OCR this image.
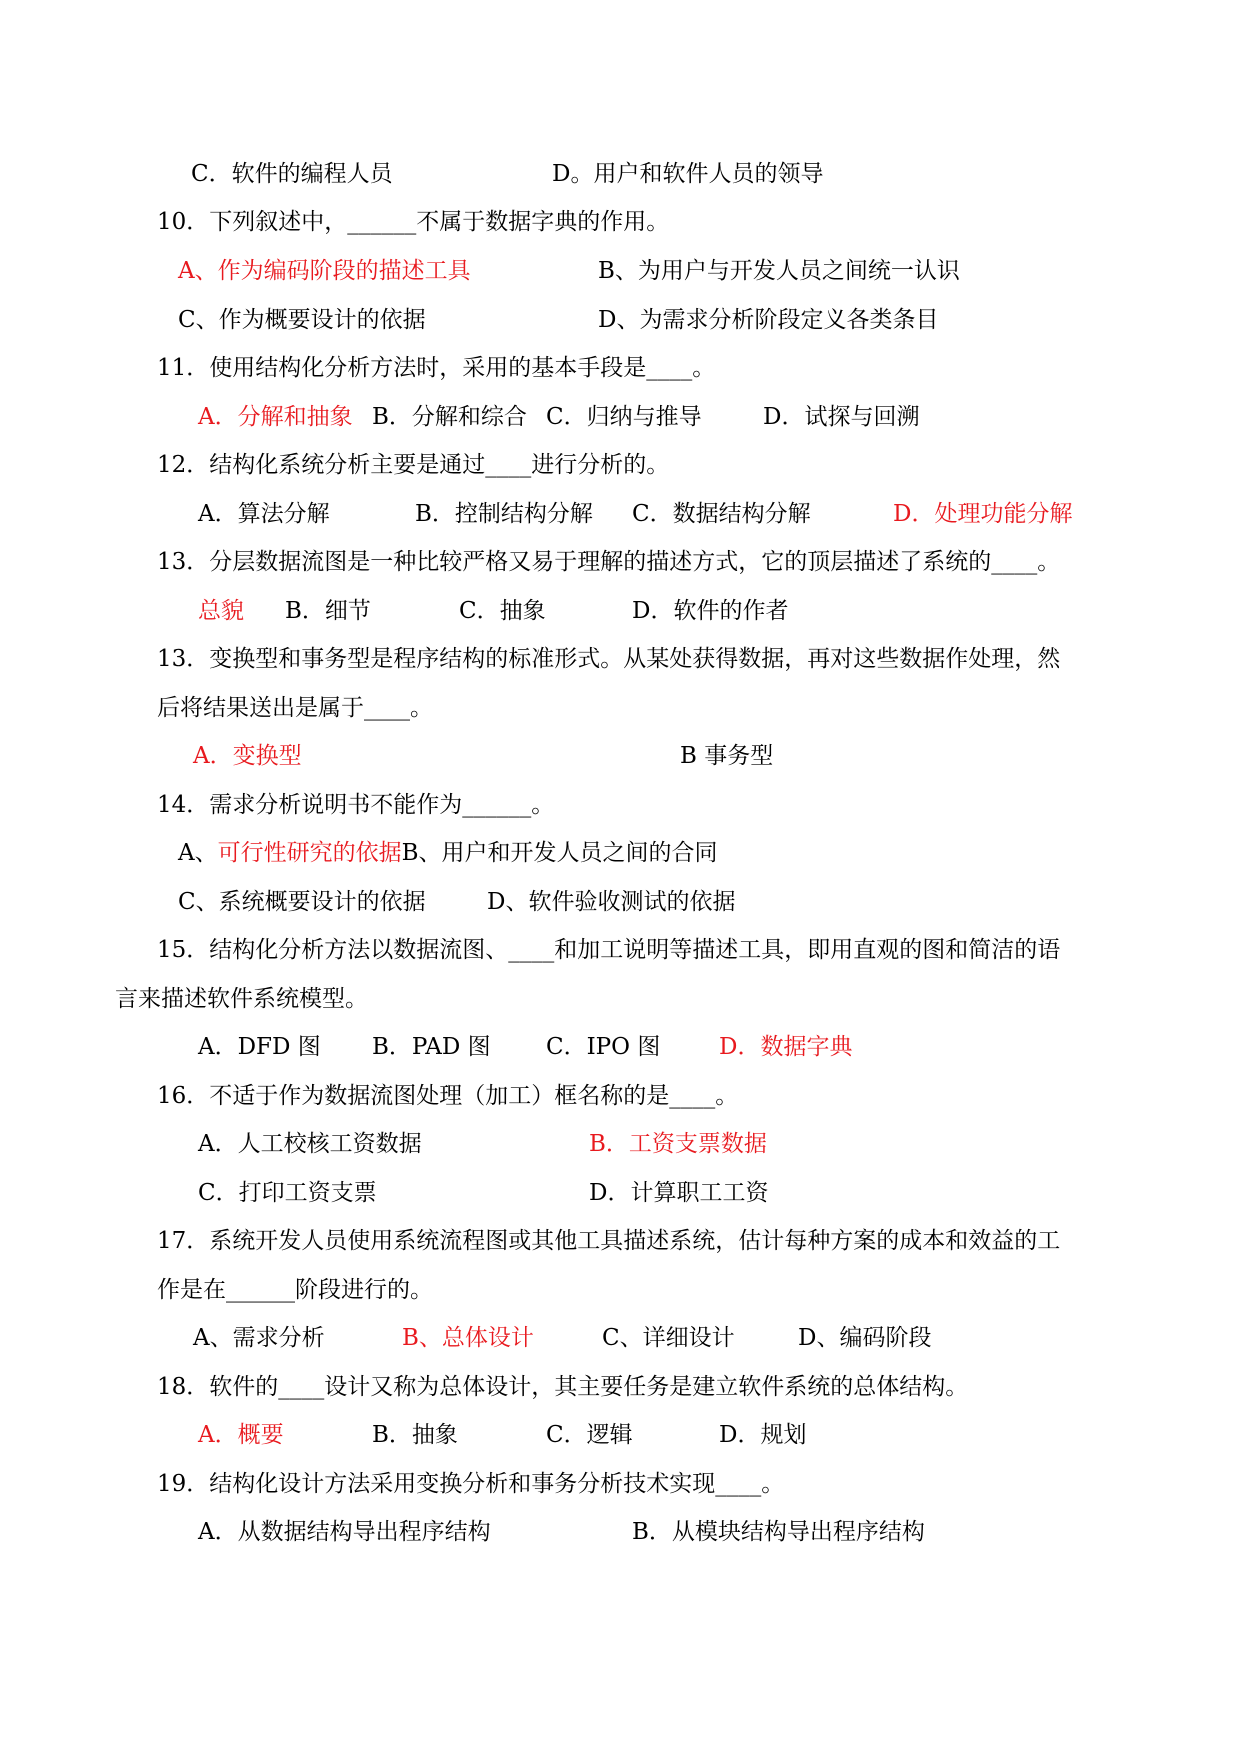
C．软件的编程人员	D。用户和软件人员的领导
10．下列叙述中，______不属于数据字典的作用。
A、作为编码阶段的描述工具	B、为用户与开发人员之间统一认识
C、作为概要设计的依据	D、为需求分析阶段定义各类条目
11．使用结构化分析方法时，采用的基本手段是____。
A．分解和抽象 B．分解和综合 C．归纳与推导	D．试探与回溯
12．结构化系统分析主要是通过____进行分析的。
A．算法分解	B．控制结构分解 C．数据结构分解	D．处理功能分解
13．分层数据流图是一种比较严格又易于理解的描述方式，它的顶层描述了系统的____。
总貌 B．细节	C．抽象	D．软件的作者
13．变换型和事务型是程序结构的标准形式。从某处获得数据，再对这些数据作处理，然
后将结果送出是属于____。
A．变换型	B 事务型
14．需求分析说明书不能作为______。
A、可行性研究的依据B、用户和开发人员之间的合同
C、系统概要设计的依据	D、软件验收测试的依据
15．结构化分析方法以数据流图、____和加工说明等描述工具，即用直观的图和简洁的语
言来描述软件系统模型。
A．DFD 图 B．PAD 图 C．IPO 图	D．数据字典
16．不适于作为数据流图处理（加工）框名称的是____。
A．人工校核工资数据	B．工资支票数据
C．打印工资支票	D．计算职工工资
17．系统开发人员使用系统流程图或其他工具描述系统，估计每种方案的成本和效益的工
作是在______阶段进行的。
A、需求分析	B、总体设计	C、详细设计	D、编码阶段
18．软件的____设计又称为总体设计，其主要任务是建立软件系统的总体结构。
A．概要	B．抽象	C．逻辑	D．规划
19．结构化设计方法采用变换分析和事务分析技术实现____。
A．从数据结构导出程序结构	B．从模块结构导出程序结构
